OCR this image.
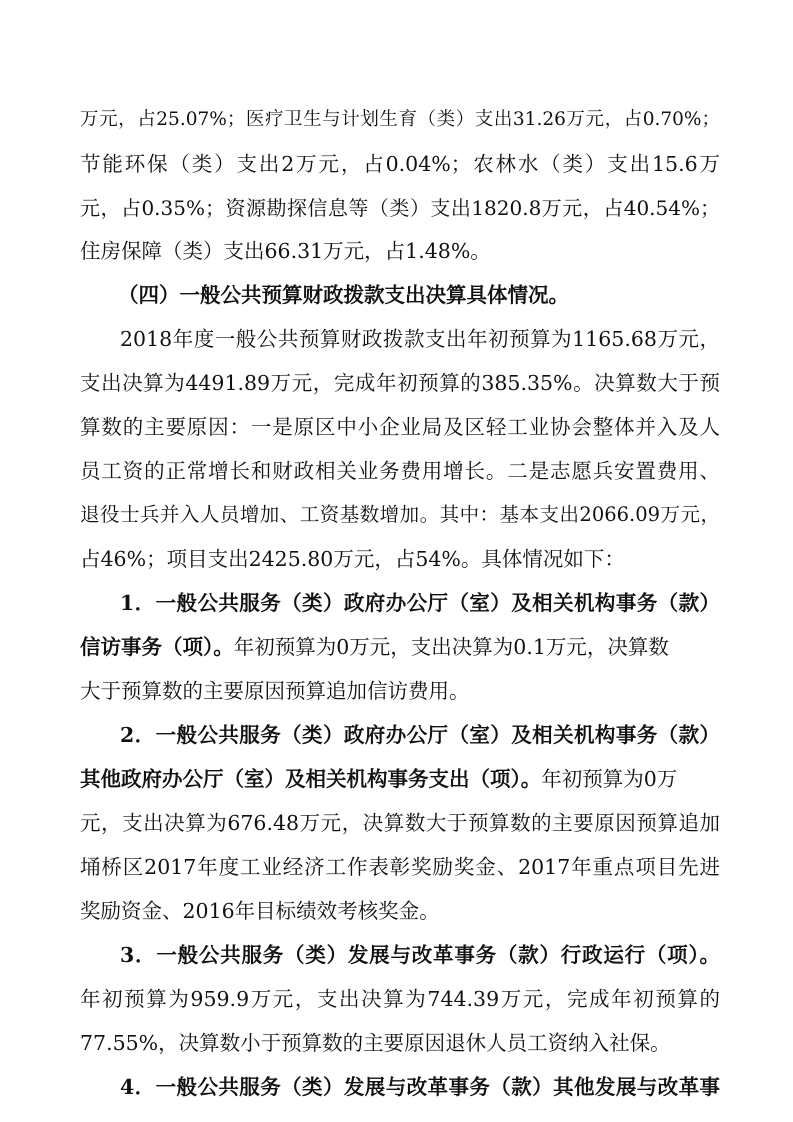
万元，占25.07%；医疗卫生与计划生育（类）支出31.26万元，占0.70%；
节能环保（类）支出2万元，占0.04%；农林水（类）支出15.6万
元，占0.35%；资源勘探信息等（类）支出1820.8万元，占40.54%；
住房保障（类）支出66.31万元，占1.48%。
（四）一般公共预算财政拨款支出决算具体情况。
2018年度一般公共预算财政拨款支出年初预算为1165.68万元，
支出决算为4491.89万元，完成年初预算的385.35%。决算数大于预
算数的主要原因：一是原区中小企业局及区轻工业协会整体并入及人
员工资的正常增长和财政相关业务费用增长。二是志愿兵安置费用、
退役士兵并入人员增加、工资基数增加。其中：基本支出2066.09万元，
占46%；项目支出2425.80万元，占54%。具体情况如下：
1．一般公共服务（类）政府办公厅（室）及相关机构事务（款）
信访事务（项）。年初预算为0万元，支出决算为0.1万元，决算数
大于预算数的主要原因预算追加信访费用。
2．一般公共服务（类）政府办公厅（室）及相关机构事务（款）
其他政府办公厅（室）及相关机构事务支出（项）。年初预算为0万
元，支出决算为676.48万元，决算数大于预算数的主要原因预算追加
埇桥区2017年度工业经济工作表彰奖励奖金、2017年重点项目先进
奖励资金、2016年目标绩效考核奖金。
3．一般公共服务（类）发展与改革事务（款）行政运行（项）。
年初预算为959.9万元，支出决算为744.39万元，完成年初预算的
77.55%，决算数小于预算数的主要原因退休人员工资纳入社保。
4．一般公共服务（类）发展与改革事务（款）其他发展与改革事
